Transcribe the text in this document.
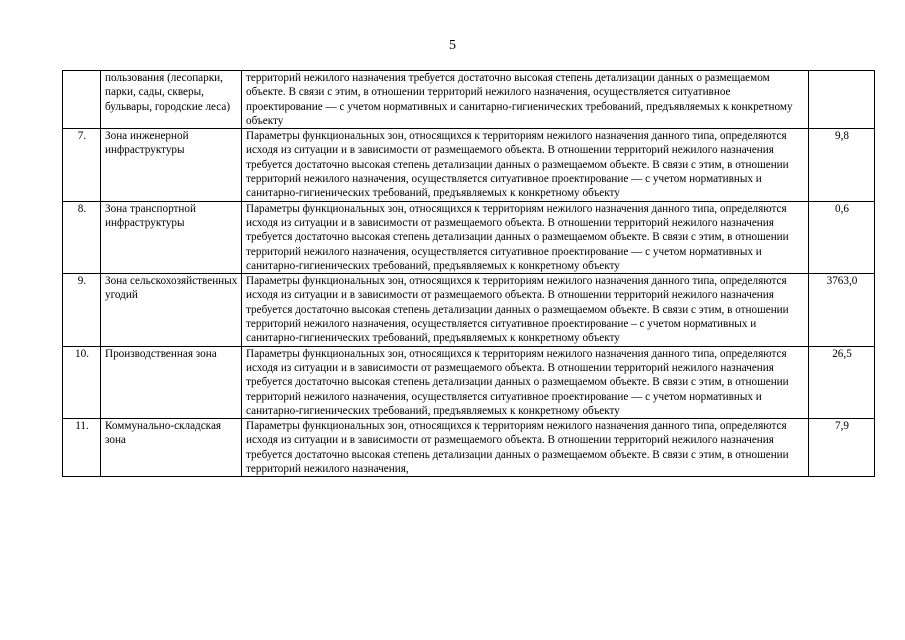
5
	пользования (лесопарки, парки, сады, скверы, бульвары, городские леса)	территорий нежилого назначения требуется достаточно высокая степень детализации данных о размещаемом объекте. В связи с этим, в отношении территорий нежилого назначения, осуществляется ситуативное проектирование — с учетом нормативных и санитарно-гигиенических требований, предъявляемых к конкретному объекту	
7.	Зона инженерной инфраструктуры	Параметры функциональных зон, относящихся к территориям нежилого назначения данного типа, определяются исходя из ситуации и в зависимости от размещаемого объекта. В отношении территорий нежилого назначения требуется достаточно высокая степень детализации данных о размещаемом объекте. В связи с этим, в отношении территорий нежилого назначения, осуществляется ситуативное проектирование — с учетом нормативных и санитарно-гигиенических требований, предъявляемых к конкретному объекту	9,8
8.	Зона транспортной инфраструктуры	Параметры функциональных зон, относящихся к территориям нежилого назначения данного типа, определяются исходя из ситуации и в зависимости от размещаемого объекта. В отношении территорий нежилого назначения требуется достаточно высокая степень детализации данных о размещаемом объекте. В связи с этим, в отношении территорий нежилого назначения, осуществляется ситуативное проектирование — с учетом нормативных и санитарно-гигиенических требований, предъявляемых к конкретному объекту	0,6
9.	Зона сельскохозяйственных угодий	Параметры функциональных зон, относящихся к территориям нежилого назначения данного типа, определяются исходя из ситуации и в зависимости от размещаемого объекта. В отношении территорий нежилого назначения требуется достаточно высокая степень детализации данных о размещаемом объекте. В связи с этим, в отношении территорий нежилого назначения, осуществляется ситуативное проектирование – с учетом нормативных и санитарно-гигиенических требований, предъявляемых к конкретному объекту	3763,0
10.	Производственная зона	Параметры функциональных зон, относящихся к территориям нежилого назначения данного типа, определяются исходя из ситуации и в зависимости от размещаемого объекта. В отношении территорий нежилого назначения требуется достаточно высокая степень детализации данных о размещаемом объекте. В связи с этим, в отношении территорий нежилого назначения, осуществляется ситуативное проектирование — с учетом нормативных и санитарно-гигиенических требований, предъявляемых к конкретному объекту	26,5
11.	Коммунально-складская зона	Параметры функциональных зон, относящихся к территориям нежилого назначения данного типа, определяются исходя из ситуации и в зависимости от размещаемого объекта. В отношении территорий нежилого назначения требуется достаточно высокая степень детализации данных о размещаемом объекте. В связи с этим, в отношении территорий нежилого назначения,	7,9
